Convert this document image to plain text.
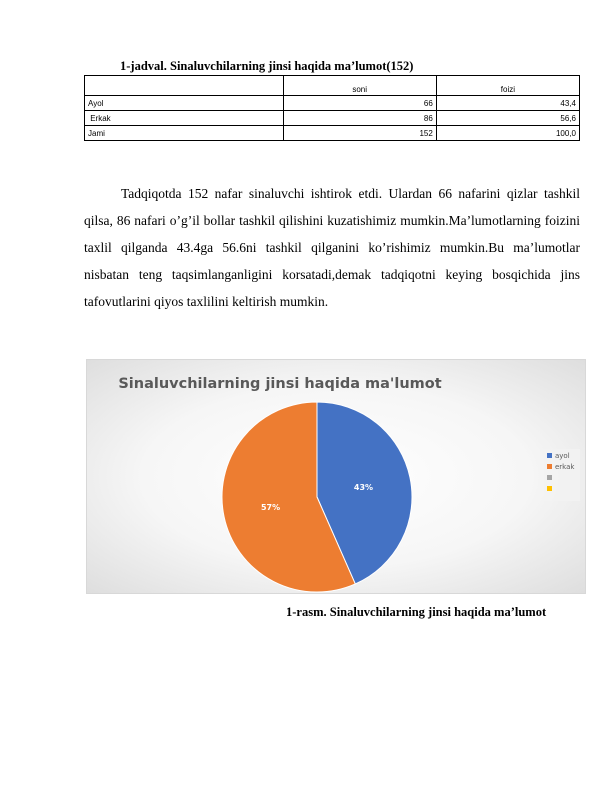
1-jadval. Sinaluvchilarning jinsi haqida ma’lumot(152)
	soni	foizi
Ayol	66	43,4
Erkak	86	56,6
Jami	152	100,0

Tadqiqotda 152 nafar sinaluvchi ishtirok etdi. Ulardan 66 nafarini qizlar tashkil qilsa, 86 nafari o’g’il bollar tashkil qilishini kuzatishimiz mumkin.Ma’lumotlarning foizini taxlil qilganda 43.4ga 56.6ni tashkil qilganini ko’rishimiz mumkin.Bu ma’lumotlar nisbatan teng taqsimlanganligini korsatadi,demak tadqiqotni keying bosqichida jins tafovutlarini qiyos taxlilini keltirish mumkin.

Sinaluvchilarning jinsi haqida ma'lumot
43%
57%
ayol
erkak
1-rasm. Sinaluvchilarning jinsi haqida ma’lumot
